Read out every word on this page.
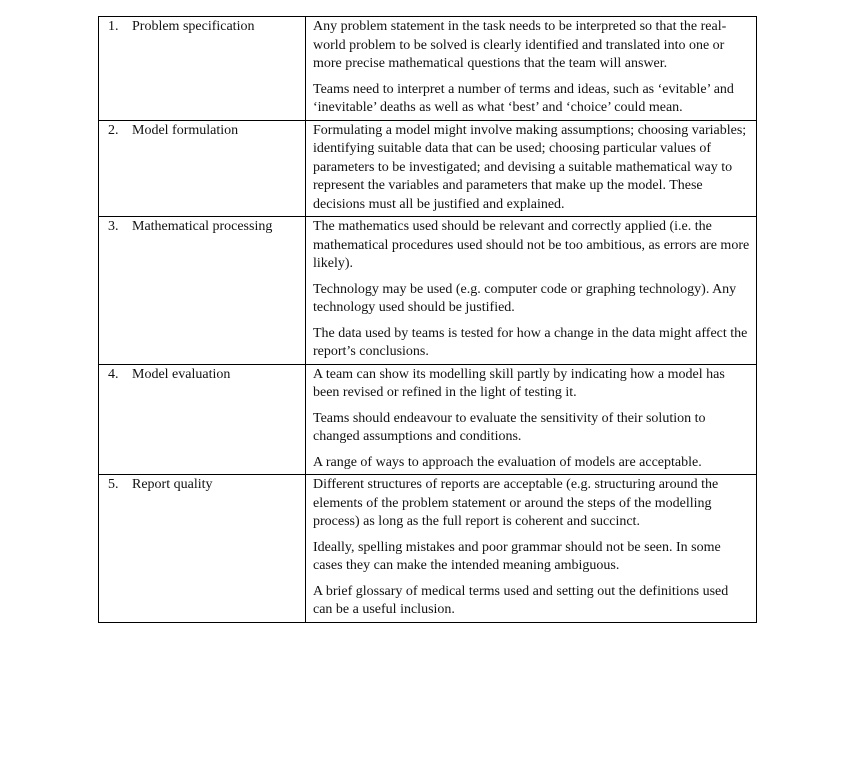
1. Problem specification	Any problem statement in the task needs to be interpreted so that the real-world problem to be solved is clearly identified and translated into one or more precise mathematical questions that the team will answer.

Teams need to interpret a number of terms and ideas, such as ‘evitable’ and ‘inevitable’ deaths as well as what ‘best’ and ‘choice’ could mean.

2. Model formulation	Formulating a model might involve making assumptions; choosing variables; identifying suitable data that can be used; choosing particular values of parameters to be investigated; and devising a suitable mathematical way to represent the variables and parameters that make up the model. These decisions must all be justified and explained.

3. Mathematical processing	The mathematics used should be relevant and correctly applied (i.e. the mathematical procedures used should not be too ambitious, as errors are more likely).

Technology may be used (e.g. computer code or graphing technology). Any technology used should be justified.

The data used by teams is tested for how a change in the data might affect the report’s conclusions.

4. Model evaluation	A team can show its modelling skill partly by indicating how a model has been revised or refined in the light of testing it.

Teams should endeavour to evaluate the sensitivity of their solution to changed assumptions and conditions.

A range of ways to approach the evaluation of models are acceptable.

5. Report quality	Different structures of reports are acceptable (e.g. structuring around the elements of the problem statement or around the steps of the modelling process) as long as the full report is coherent and succinct.

Ideally, spelling mistakes and poor grammar should not be seen. In some cases they can make the intended meaning ambiguous.

A brief glossary of medical terms used and setting out the definitions used can be a useful inclusion.
